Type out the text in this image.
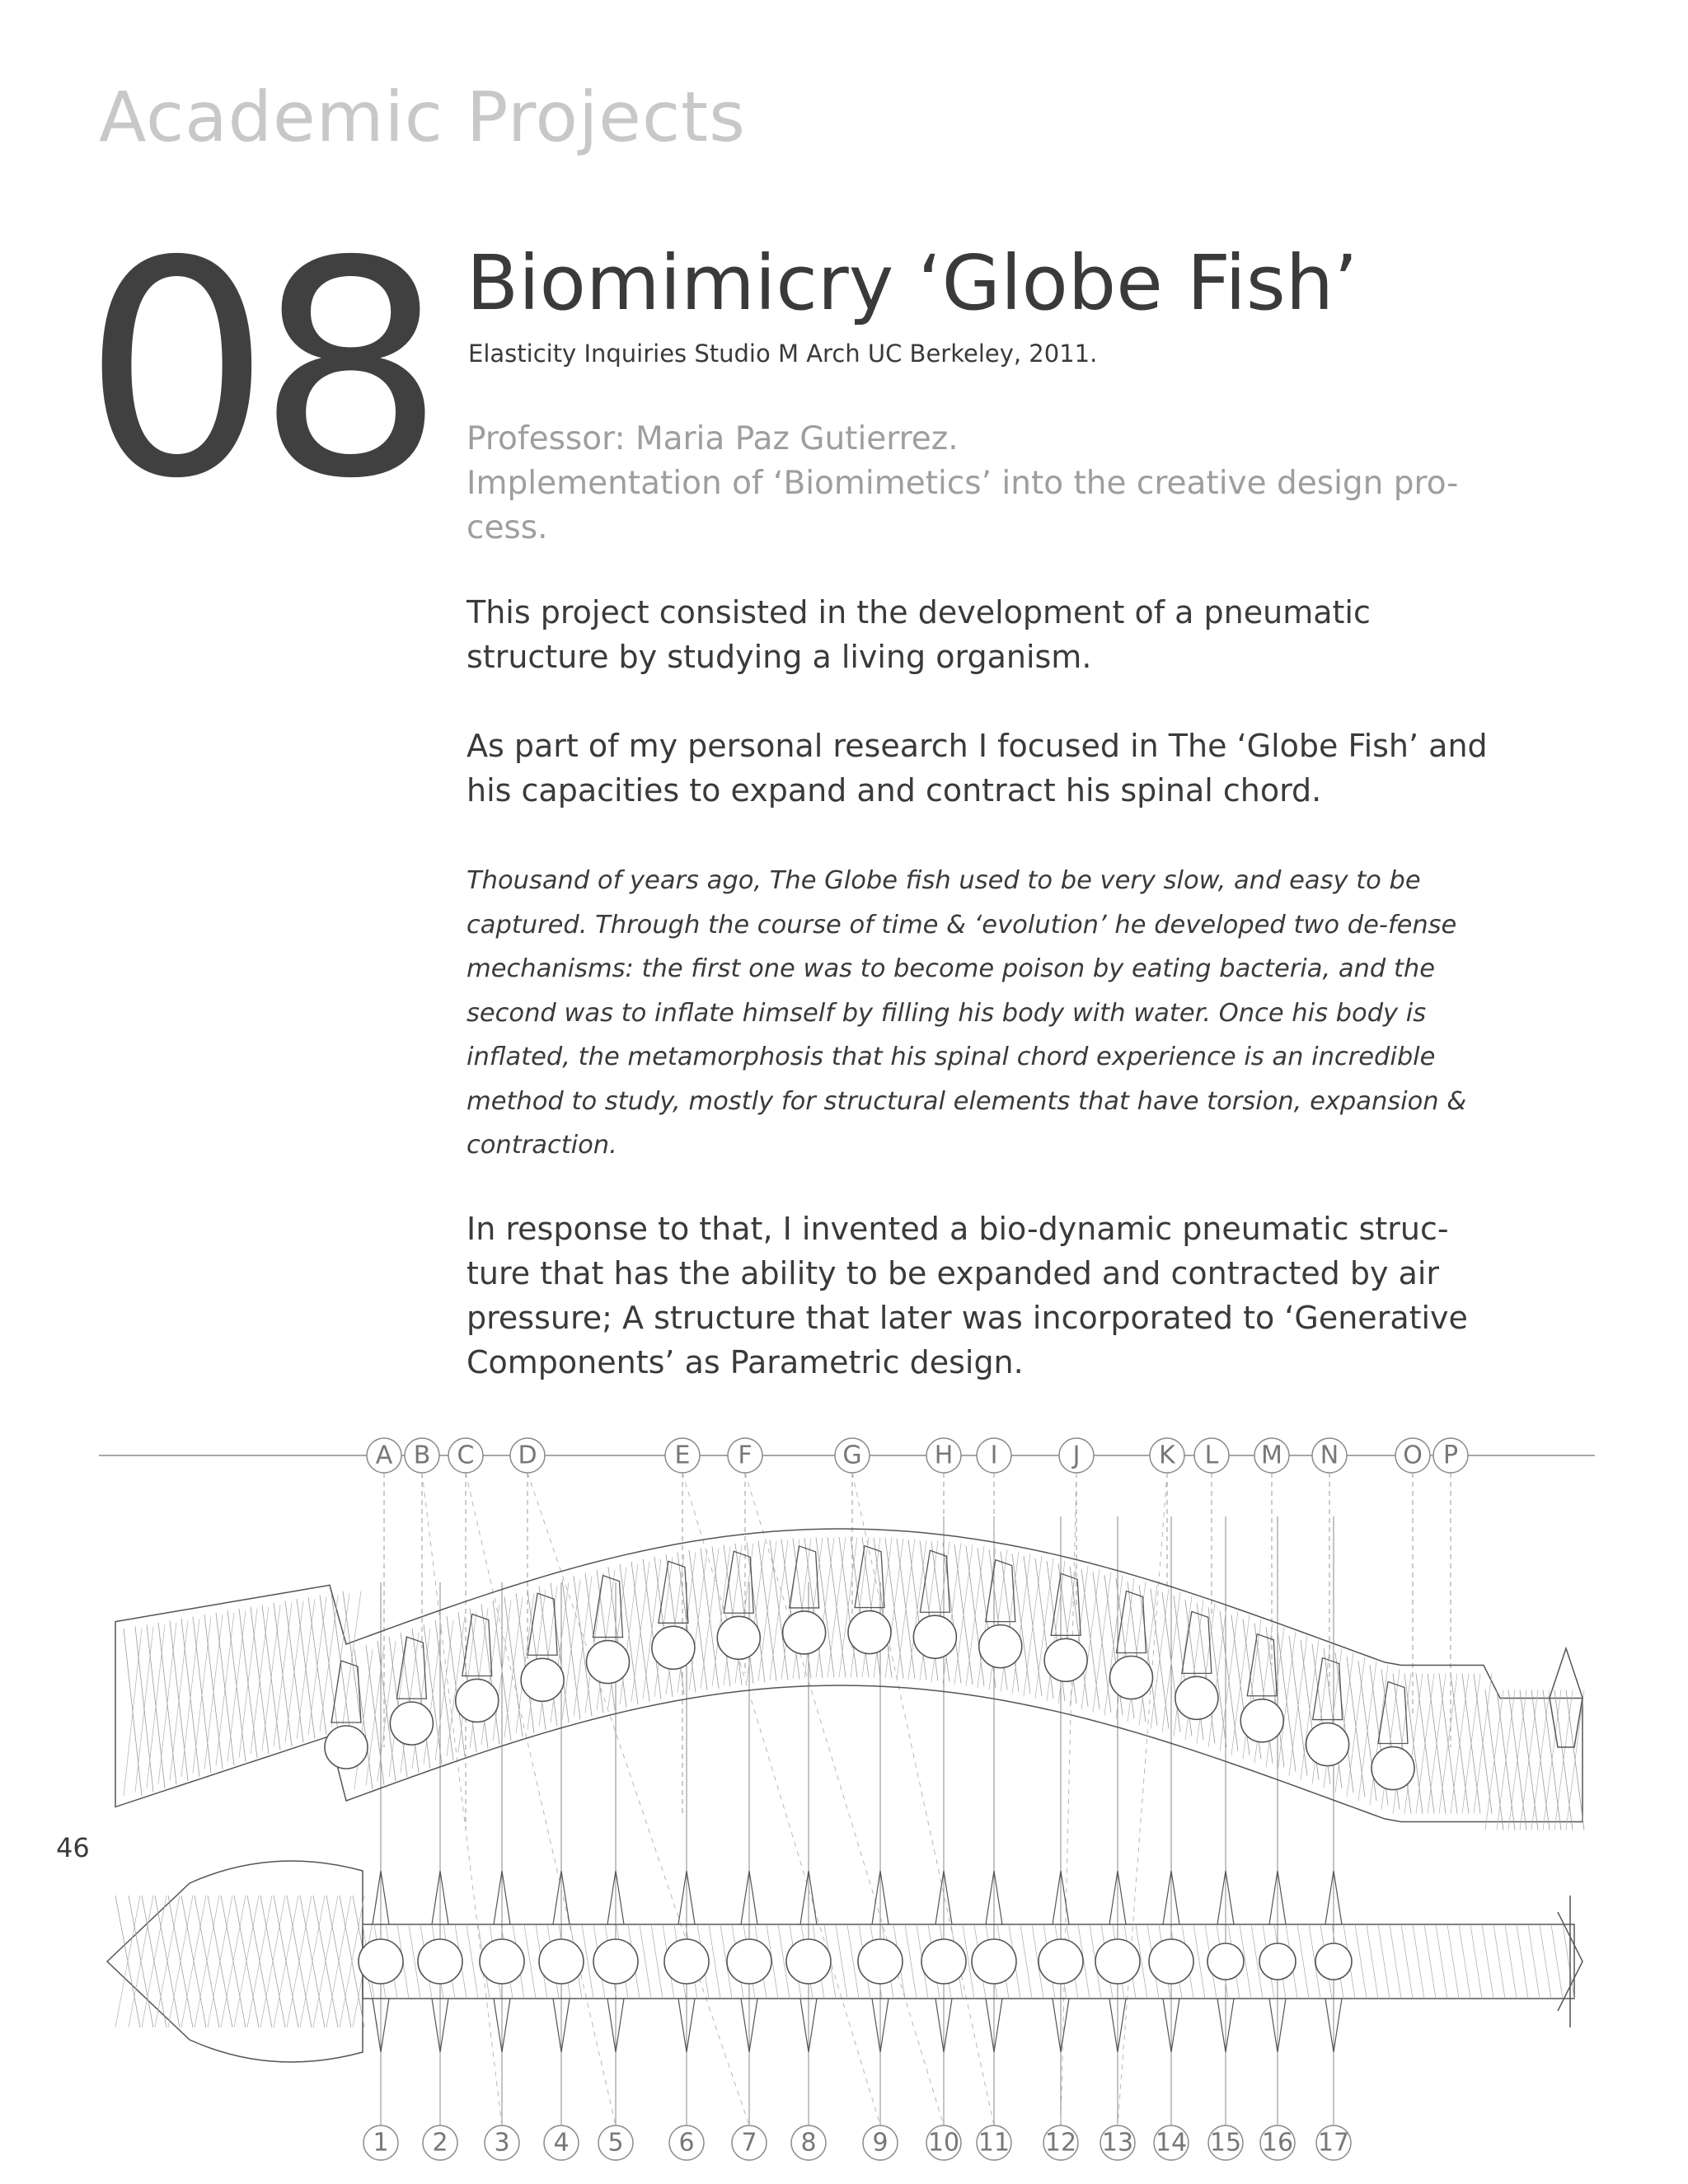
Academic Projects
08 Biomimicry ‘Globe Fish’
Elasticity Inquiries Studio M Arch UC Berkeley, 2011.
Professor: Maria Paz Gutierrez.
Implementation of ‘Biomimetics’ into the creative design pro-cess.

This project consisted in the development of a pneumatic structure by studying a living organism.

As part of my personal research I focused in The ‘Globe Fish’ and his capacities to expand and contract his spinal chord.

Thousand of years ago, The Globe fish used to be very slow, and easy to be captured. Through the course of time & ‘evolution’ he developed two de-fense mechanisms: the first one was to become poison by eating bacteria, and the second was to inflate himself by filling his body with water. Once his body is inflated, the metamorphosis that his spinal chord experience is an incredible method to study, mostly for structural elements that have torsion, expansion & contraction.

In response to that, I invented a bio-dynamic pneumatic struc-ture that has the ability to be expanded and contracted by air pressure; A structure that later was incorporated to ‘Generative Components’ as Parametric design.

A B C D	E F	G	H I	J	K L M N	O P
1 2 3 4 5 6 7 8 9 10 11 12 13 14 15 16 17
46
